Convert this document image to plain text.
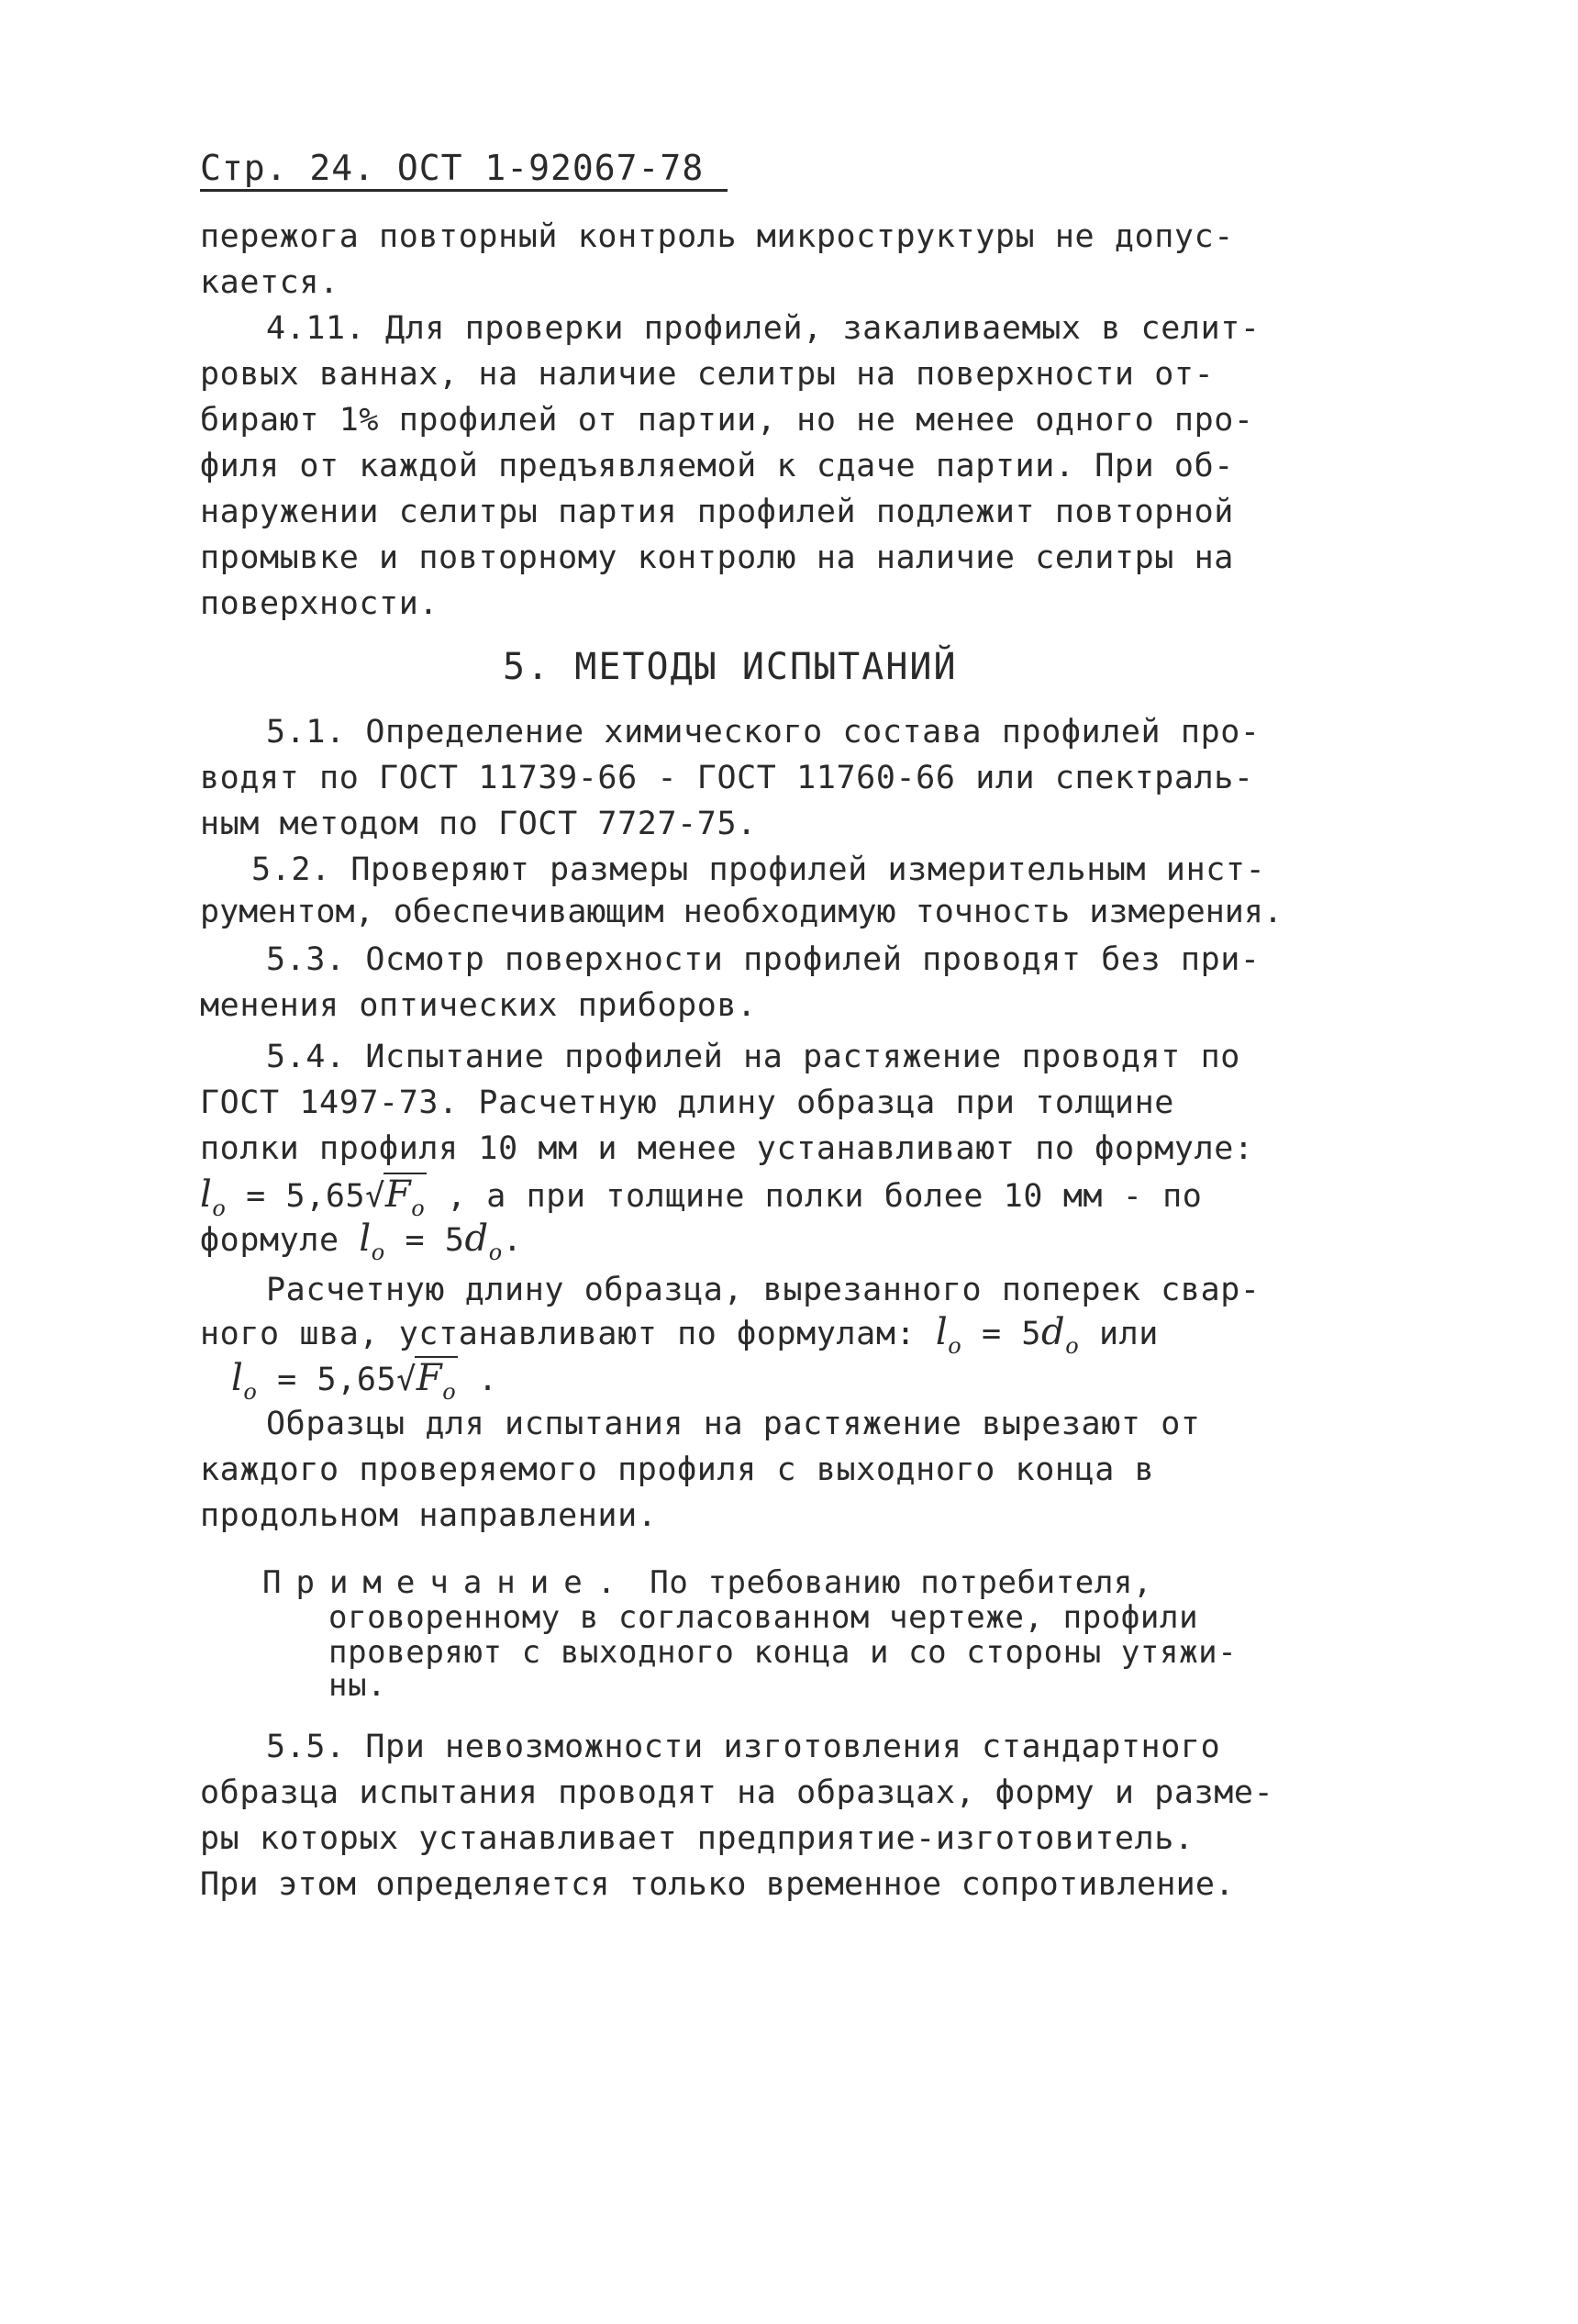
Стр. 24. ОСТ 1-92067-78
пережога повторный контроль микроструктуры не допус-
кается.
4.11. Для проверки профилей, закаливаемых в селит-
ровых ваннах, на наличие селитры на поверхности от-
бирают 1% профилей от партии, но не менее одного про-
филя от каждой предъявляемой к сдаче партии. При об-
наружении селитры партия профилей подлежит повторной
промывке и повторному контролю на наличие селитры на
поверхности.
5. МЕТОДЫ ИСПЫТАНИЙ
5.1. Определение химического состава профилей про-
водят по ГОСТ 11739-66 - ГОСТ 11760-66 или спектраль-
ным методом по ГОСТ 7727-75.
5.2. Проверяют размеры профилей измерительным инст-
рументом, обеспечивающим необходимую точность измерения.
5.3. Осмотр поверхности профилей проводят без при-
менения оптических приборов.
5.4. Испытание профилей на растяжение проводят по
ГОСТ 1497-73. Расчетную длину образца при толщине
полки профиля 10 мм и менее устанавливают по формуле:
$l_o = 5,65√F_o$ , а при толщине полки более 10 мм - по
формуле $l_o = 5d_o$.
Расчетную длину образца, вырезанного поперек свар-
ного шва, устанавливают по формулам: $l_o = 5d_o$ или
$l_o = 5,65√F_o$ .
Образцы для испытания на растяжение вырезают от
каждого проверяемого профиля с выходного конца в
продольном направлении.
Примечание. По требованию потребителя,
оговоренному в согласованном чертеже, профили
проверяют с выходного конца и со стороны утяжи-
ны.
5.5. При невозможности изготовления стандартного
образца испытания проводят на образцах, форму и разме-
ры которых устанавливает предприятие-изготовитель.
При этом определяется только временное сопротивление.
